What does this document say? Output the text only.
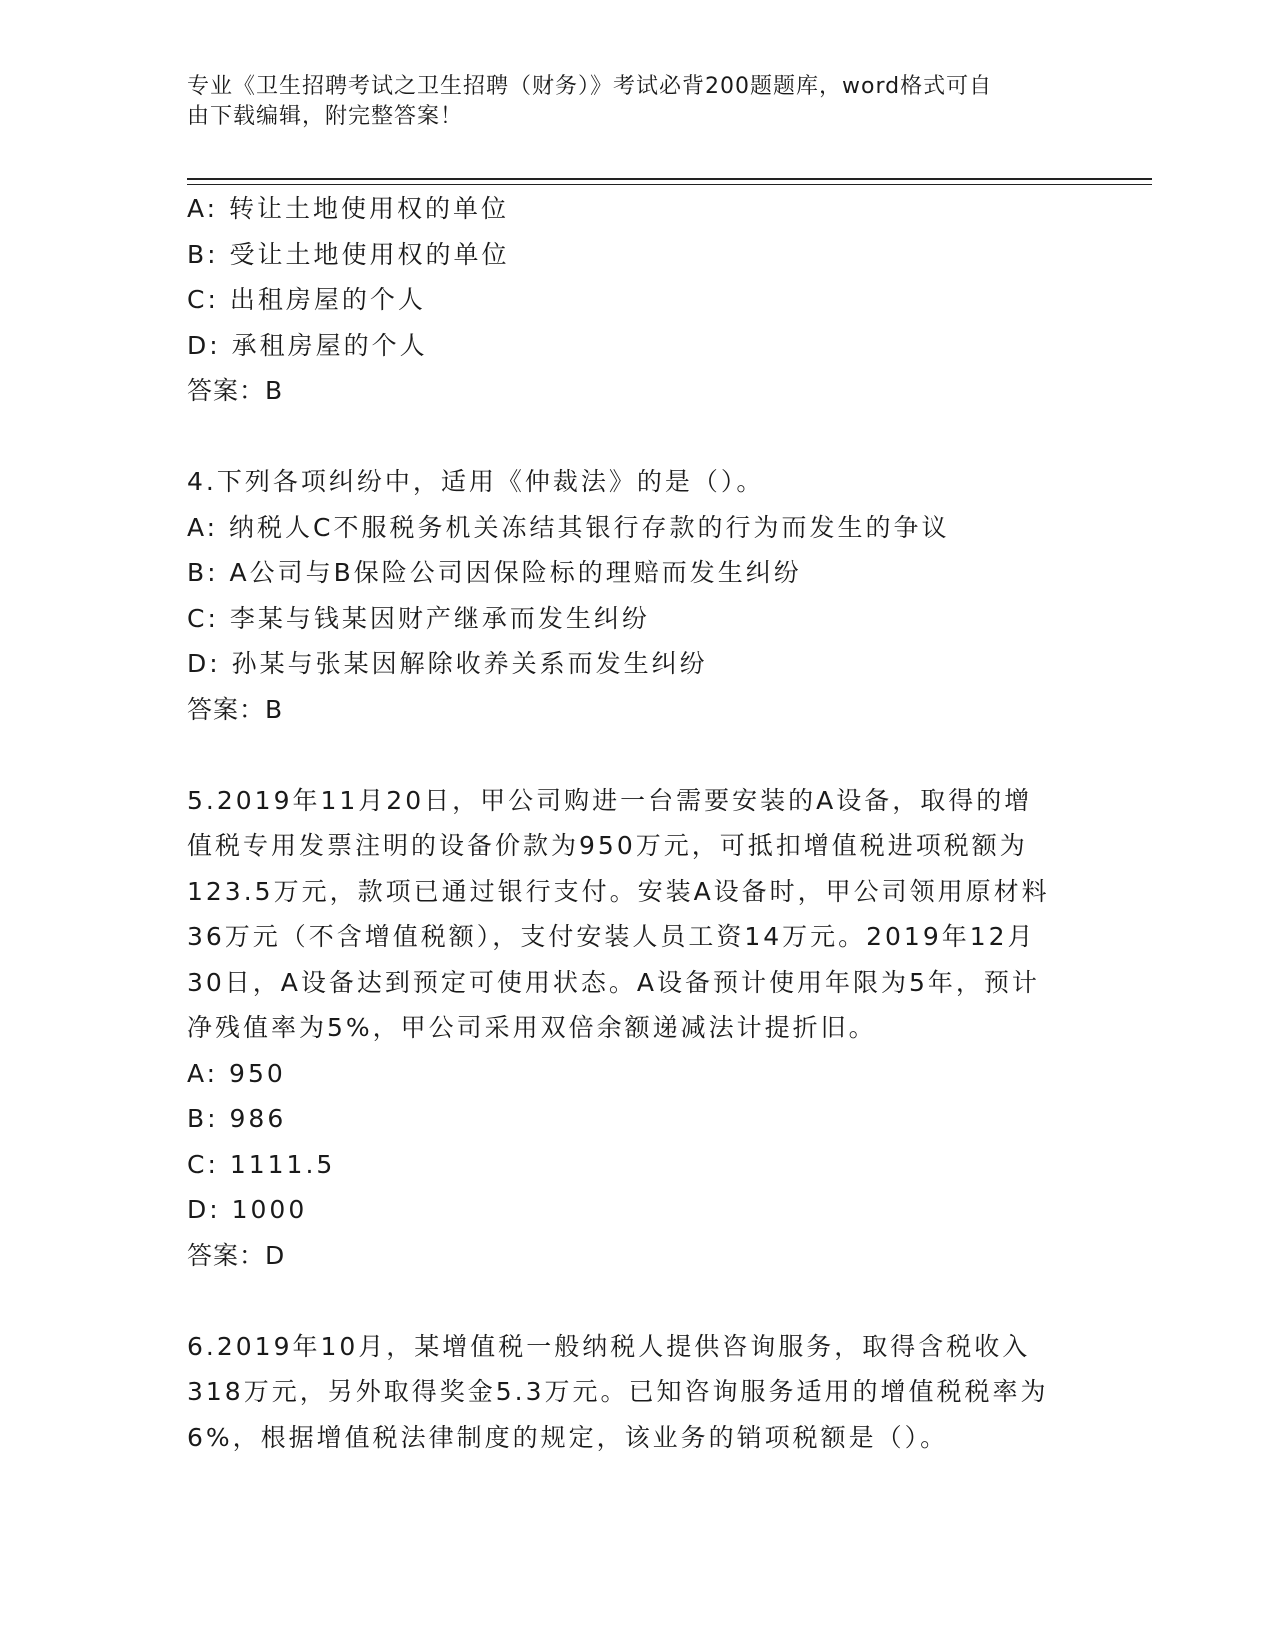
专业《卫生招聘考试之卫生招聘（财务）》考试必背200题题库，word格式可自
由下载编辑，附完整答案！
A: 转让土地使用权的单位
B: 受让土地使用权的单位
C: 出租房屋的个人
D: 承租房屋的个人
答案：B
4.下列各项纠纷中，适用《仲裁法》的是（）。
A: 纳税人C不服税务机关冻结其银行存款的行为而发生的争议
B: A公司与B保险公司因保险标的理赔而发生纠纷
C: 李某与钱某因财产继承而发生纠纷
D: 孙某与张某因解除收养关系而发生纠纷
答案：B
5.2019年11月20日，甲公司购进一台需要安装的A设备，取得的增
值税专用发票注明的设备价款为950万元，可抵扣增值税进项税额为
123.5万元，款项已通过银行支付。安装A设备时，甲公司领用原材料
36万元（不含增值税额），支付安装人员工资14万元。2019年12月
30日，A设备达到预定可使用状态。A设备预计使用年限为5年，预计
净残值率为5%，甲公司采用双倍余额递减法计提折旧。
A: 950
B: 986
C: 1111.5
D: 1000
答案：D
6.2019年10月，某增值税一般纳税人提供咨询服务，取得含税收入
318万元，另外取得奖金5.3万元。已知咨询服务适用的增值税税率为
6%，根据增值税法律制度的规定，该业务的销项税额是（）。
